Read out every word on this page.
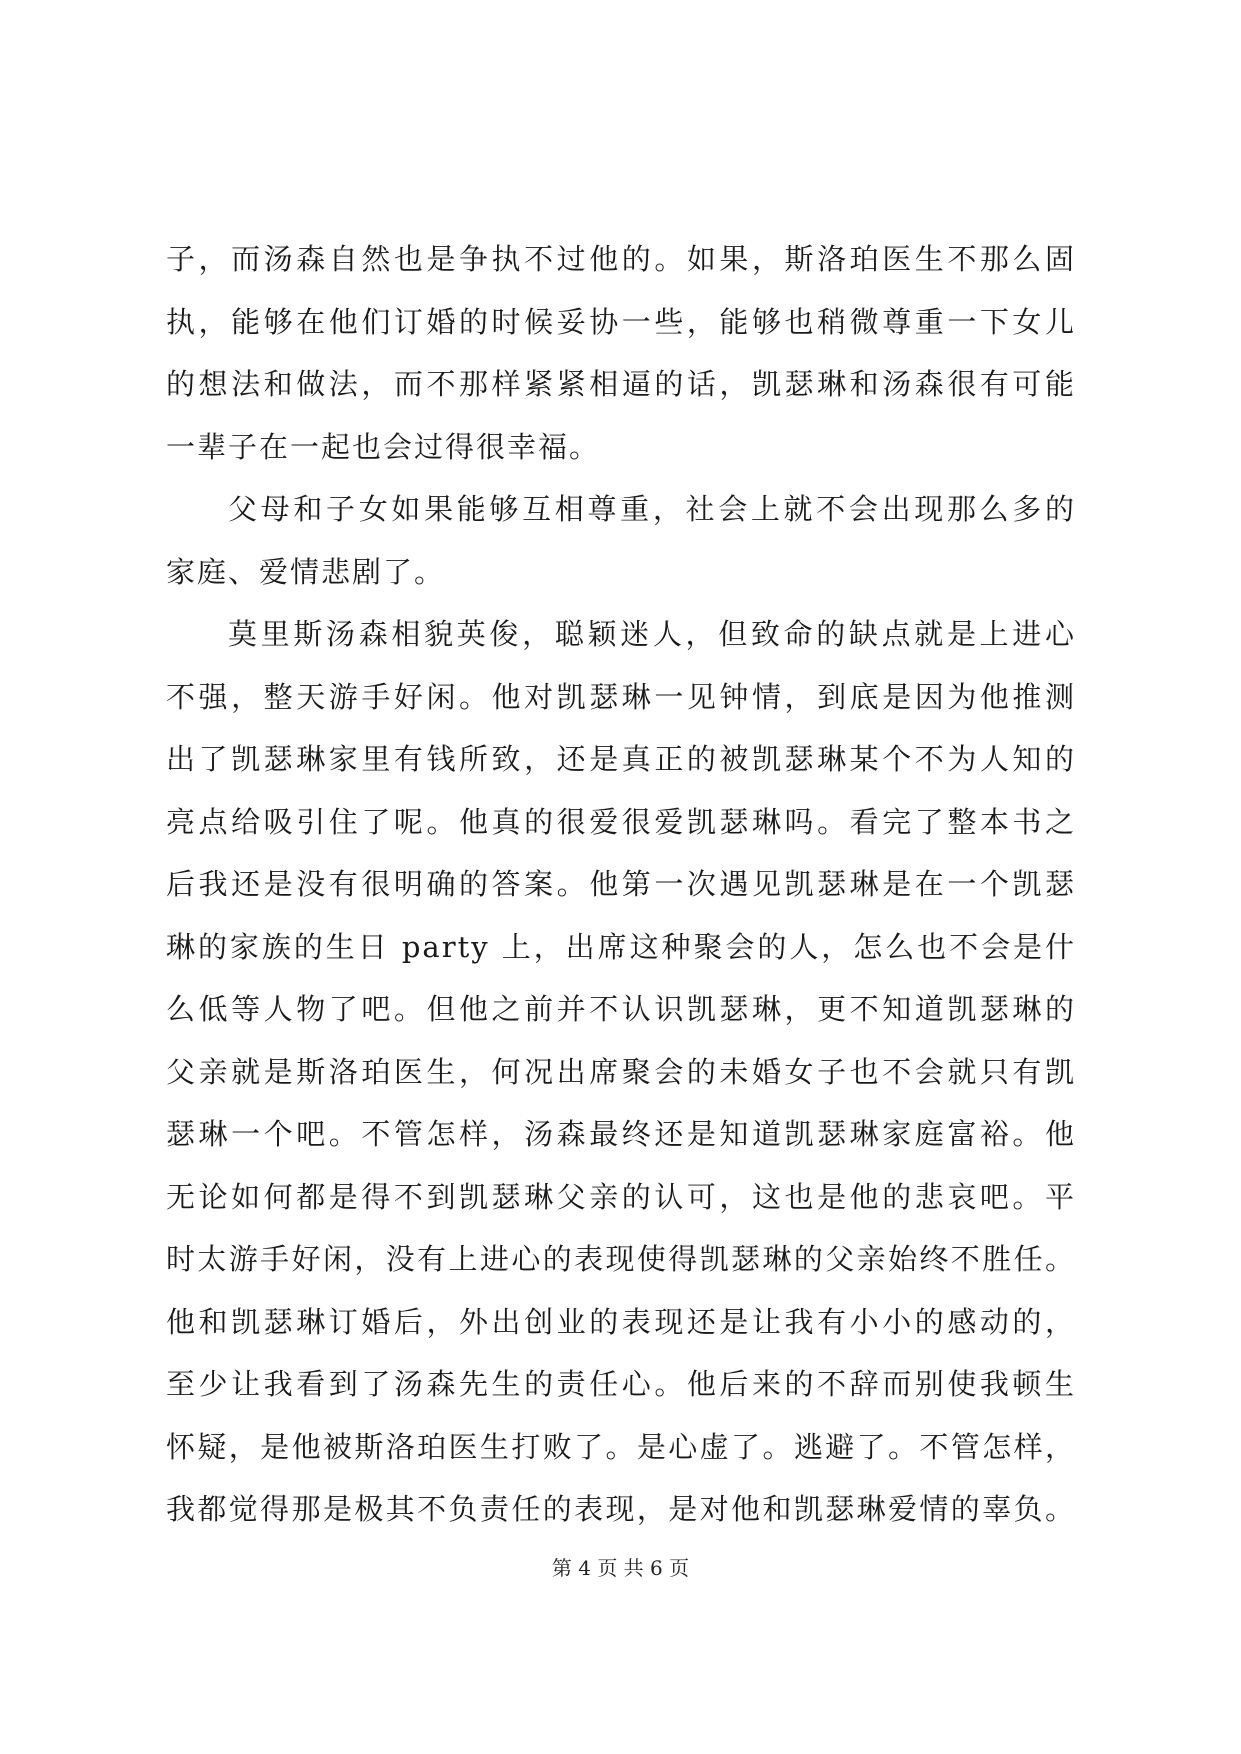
子，而汤森自然也是争执不过他的。如果，斯洛珀医生不那么固
执，能够在他们订婚的时候妥协一些，能够也稍微尊重一下女儿
的想法和做法，而不那样紧紧相逼的话，凯瑟琳和汤森很有可能
一辈子在一起也会过得很幸福。
父母和子女如果能够互相尊重，社会上就不会出现那么多的
家庭、爱情悲剧了。
莫里斯汤森相貌英俊，聪颖迷人，但致命的缺点就是上进心
不强，整天游手好闲。他对凯瑟琳一见钟情，到底是因为他推测
出了凯瑟琳家里有钱所致，还是真正的被凯瑟琳某个不为人知的
亮点给吸引住了呢。他真的很爱很爱凯瑟琳吗。看完了整本书之
后我还是没有很明确的答案。他第一次遇见凯瑟琳是在一个凯瑟
琳的家族的生日 party 上，出席这种聚会的人，怎么也不会是什
么低等人物了吧。但他之前并不认识凯瑟琳，更不知道凯瑟琳的
父亲就是斯洛珀医生，何况出席聚会的未婚女子也不会就只有凯
瑟琳一个吧。不管怎样，汤森最终还是知道凯瑟琳家庭富裕。他
无论如何都是得不到凯瑟琳父亲的认可，这也是他的悲哀吧。平
时太游手好闲，没有上进心的表现使得凯瑟琳的父亲始终不胜任。
他和凯瑟琳订婚后，外出创业的表现还是让我有小小的感动的，
至少让我看到了汤森先生的责任心。他后来的不辞而别使我顿生
怀疑，是他被斯洛珀医生打败了。是心虚了。逃避了。不管怎样，
我都觉得那是极其不负责任的表现，是对他和凯瑟琳爱情的辜负。
第 4 页 共 6 页
